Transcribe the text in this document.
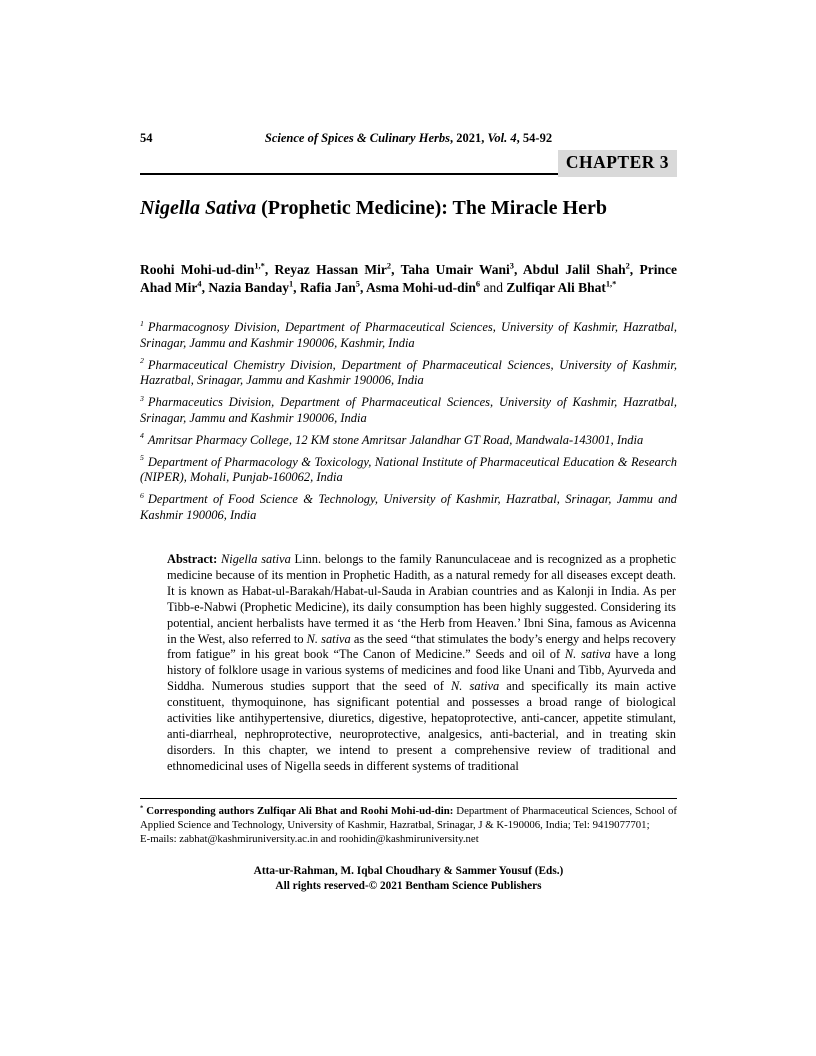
54	Science of Spices & Culinary Herbs, 2021, Vol. 4, 54-92
CHAPTER 3
Nigella Sativa (Prophetic Medicine): The Miracle Herb
Roohi Mohi-ud-din$^{1,*}$, Reyaz Hassan Mir$^2$, Taha Umair Wani$^3$, Abdul Jalil Shah$^2$, Prince Ahad Mir$^4$, Nazia Banday$^1$, Rafia Jan$^5$, Asma Mohi-ud-din$^6$ and Zulfiqar Ali Bhat$^{1,*}$

$^1$ Pharmacognosy Division, Department of Pharmaceutical Sciences, University of Kashmir, Hazratbal, Srinagar, Jammu and Kashmir 190006, Kashmir, India

$^2$ Pharmaceutical Chemistry Division, Department of Pharmaceutical Sciences, University of Kashmir, Hazratbal, Srinagar, Jammu and Kashmir 190006, India

$^3$ Pharmaceutics Division, Department of Pharmaceutical Sciences, University of Kashmir, Hazratbal, Srinagar, Jammu and Kashmir 190006, India

$^4$ Amritsar Pharmacy College, 12 KM stone Amritsar Jalandhar GT Road, Mandwala-143001, India

$^5$ Department of Pharmacology & Toxicology, National Institute of Pharmaceutical Education & Research (NIPER), Mohali, Punjab-160062, India

$^6$ Department of Food Science & Technology, University of Kashmir, Hazratbal, Srinagar, Jammu and Kashmir 190006, India

Abstract: Nigella sativa Linn. belongs to the family Ranunculaceae and is recognized as a prophetic medicine because of its mention in Prophetic Hadith, as a natural remedy for all diseases except death. It is known as Habat-ul-Barakah/Habat-ul-Sauda in Arabian countries and as Kalonji in India. As per Tibb-e-Nabwi (Prophetic Medicine), its daily consumption has been highly suggested. Considering its potential, ancient herbalists have termed it as ‘the Herb from Heaven.’ Ibni Sina, famous as Avicenna in the West, also referred to N. sativa as the seed “that stimulates the body’s energy and helps recovery from fatigue” in his great book “The Canon of Medicine.” Seeds and oil of N. sativa have a long history of folklore usage in various systems of medicines and food like Unani and Tibb, Ayurveda and Siddha. Numerous studies support that the seed of N. sativa and specifically its main active constituent, thymoquinone, has significant potential and possesses a broad range of biological activities like antihypertensive, diuretics, digestive, hepatoprotective, anti-cancer, appetite stimulant, anti-diarrheal, nephroprotective, neuroprotective, analgesics, anti-bacterial, and in treating skin disorders. In this chapter, we intend to present a comprehensive review of traditional and ethnomedicinal uses of Nigella seeds in different systems of traditional
* Corresponding authors Zulfiqar Ali Bhat and Roohi Mohi-ud-din: Department of Pharmaceutical Sciences, School of Applied Science and Technology, University of Kashmir, Hazratbal, Srinagar, J & K-190006, India; Tel: 9419077701;
E-mails: zabhat@kashmiruniversity.ac.in and roohidin@kashmiruniversity.net
Atta-ur-Rahman, M. Iqbal Choudhary & Sammer Yousuf (Eds.)
All rights reserved-© 2021 Bentham Science Publishers
